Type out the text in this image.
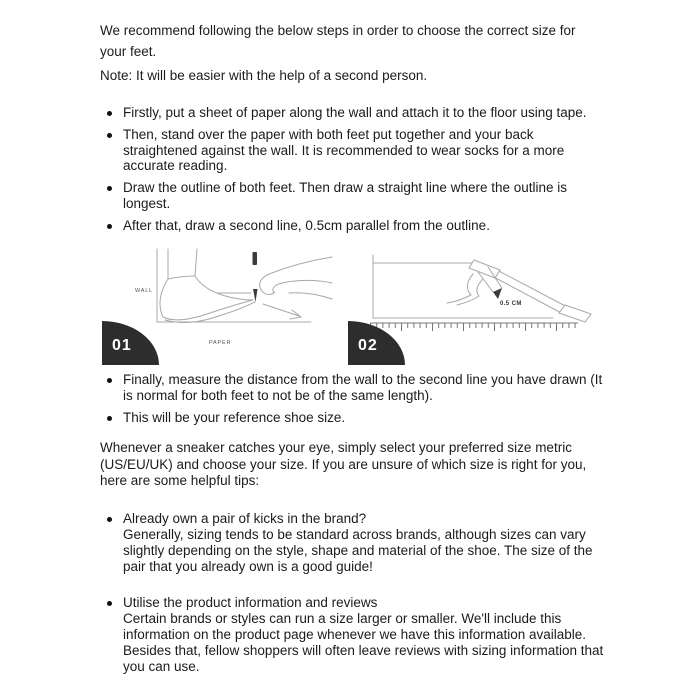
We recommend following the below steps in order to choose the correct size for your feet.
Note: It will be easier with the help of a second person.
Firstly, put a sheet of paper along the wall and attach it to the floor using tape.
Then, stand over the paper with both feet put together and your back straightened against the wall. It is recommended to wear socks for a more accurate reading.
Draw the outline of both feet. Then draw a straight line where the outline is longest.
After that, draw a second line, 0.5cm parallel from the outline.
WALL
PAPER
01
0.5 CM
02
Finally, measure the distance from the wall to the second line you have drawn (It is normal for both feet to not be of the same length).
This will be your reference shoe size.
Whenever a sneaker catches your eye, simply select your preferred size metric (US/EU/UK) and choose your size. If you are unsure of which size is right for you, here are some helpful tips:
Already own a pair of kicks in the brand?
Generally, sizing tends to be standard across brands, although sizes can vary slightly depending on the style, shape and material of the shoe. The size of the pair that you already own is a good guide!
Utilise the product information and reviews
Certain brands or styles can run a size larger or smaller. We'll include this information on the product page whenever we have this information available. Besides that, fellow shoppers will often leave reviews with sizing information that you can use.
